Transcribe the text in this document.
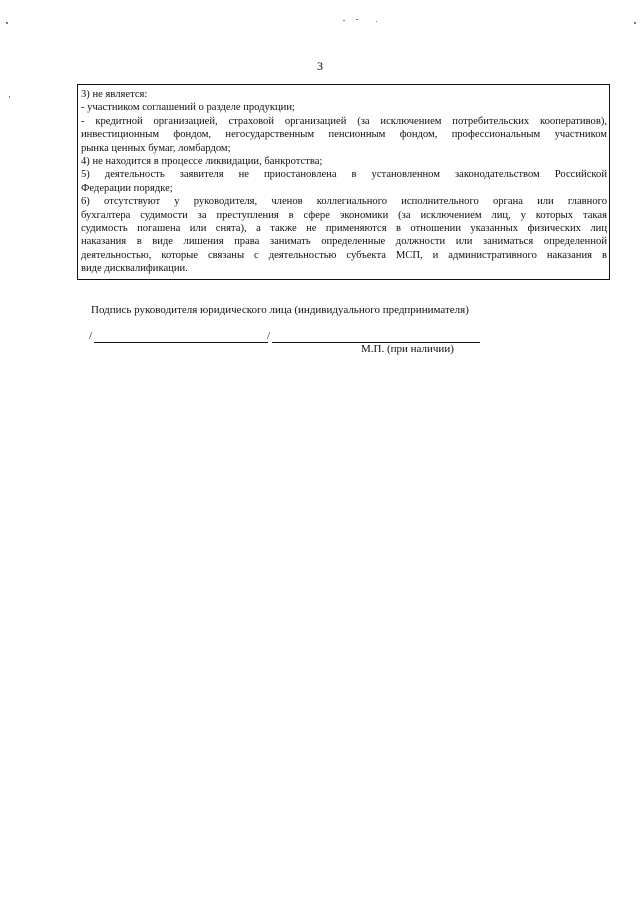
3

3) не является:

- участником соглашений о разделе продукции;

- кредитной организацией, страховой организацией (за исключением потребительских кооперативов),

инвестиционным фондом, негосударственным пенсионным фондом, профессиональным участником

рынка ценных бумаг, ломбардом;

4) не находится в процессе ликвидации, банкротства;

5) деятельность заявителя не приостановлена в установленном законодательством Российской

Федерации порядке;

6) отсутствуют у руководителя, членов коллегиального исполнительного органа или главного

бухгалтера судимости за преступления в сфере экономики (за исключением лиц, у которых такая

судимость погашена или снята), а также не применяются в отношении указанных физических лиц

наказания в виде лишения права занимать определенные должности или заниматься определенной

деятельностью, которые связаны с деятельностью субъекта МСП, и административного наказания в

виде дисквалификации.

Подпись руководителя юридического лица (индивидуального предпринимателя)
/	/
М.П. (при наличии)
